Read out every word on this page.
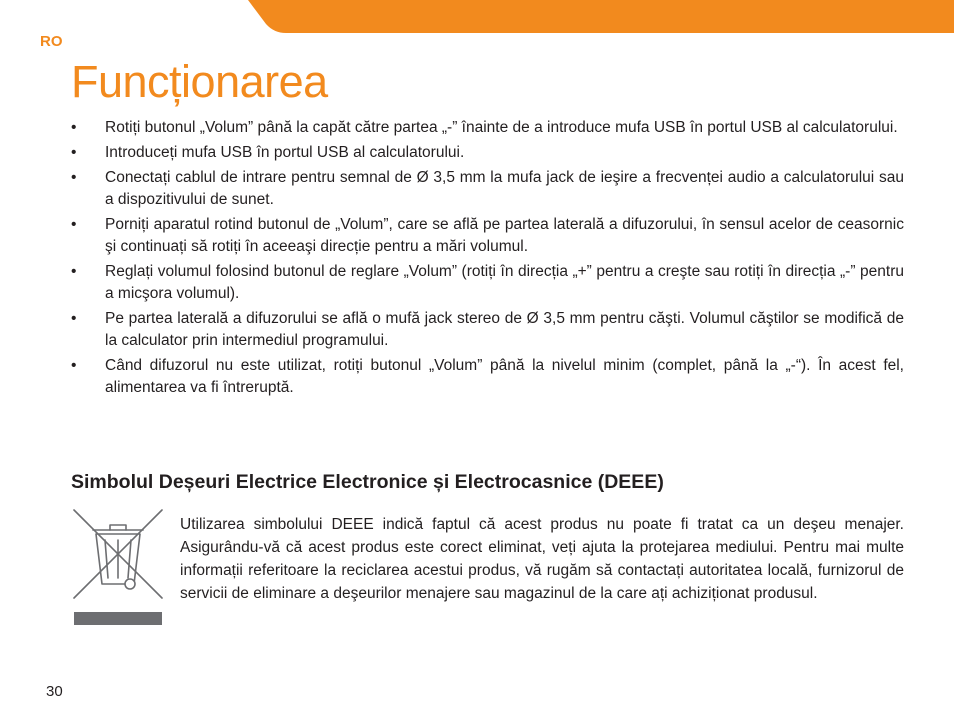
RO
Funcționarea
• Rotiți butonul „Volum” până la capăt către partea „-” înainte de a introduce mufa USB în portul USB al calculatorului.
• Introduceți mufa USB în portul USB al calculatorului.
• Conectați cablul de intrare pentru semnal de Ø 3,5 mm la mufa jack de ieşire a frecvenței audio a calculatorului sau a dispozitivului de sunet.
• Porniți aparatul rotind butonul de „Volum”, care se află pe partea laterală a difuzorului, în sensul acelor de ceasornic şi continuați să rotiți în aceeaşi direcție pentru a mări volumul.
• Reglați volumul folosind butonul de reglare „Volum” (rotiți în direcția „+” pentru a creşte sau rotiți în direcția „-” pentru a micşora volumul).
• Pe partea laterală a difuzorului se află o mufă jack stereo de Ø 3,5 mm pentru căşti. Volumul căştilor se modifică de la calculator prin intermediul programului.
• Când difuzorul nu este utilizat, rotiți butonul „Volum” până la nivelul minim (complet, până la „-“). În acest fel, alimentarea va fi întreruptă.
Simbolul Deșeuri Electrice Electronice și Electrocasnice (DEEE)

Utilizarea simbolului DEEE indică faptul că acest produs nu poate fi tratat ca un deşeu menajer. Asigurându-vă că acest produs este corect eliminat, veți ajuta la protejarea mediului. Pentru mai multe informații referitoare la reciclarea acestui produs, vă rugăm să contactați autoritatea locală, furnizorul de servicii de eliminare a deşeurilor menajere sau magazinul de la care ați achiziționat produsul.

30
